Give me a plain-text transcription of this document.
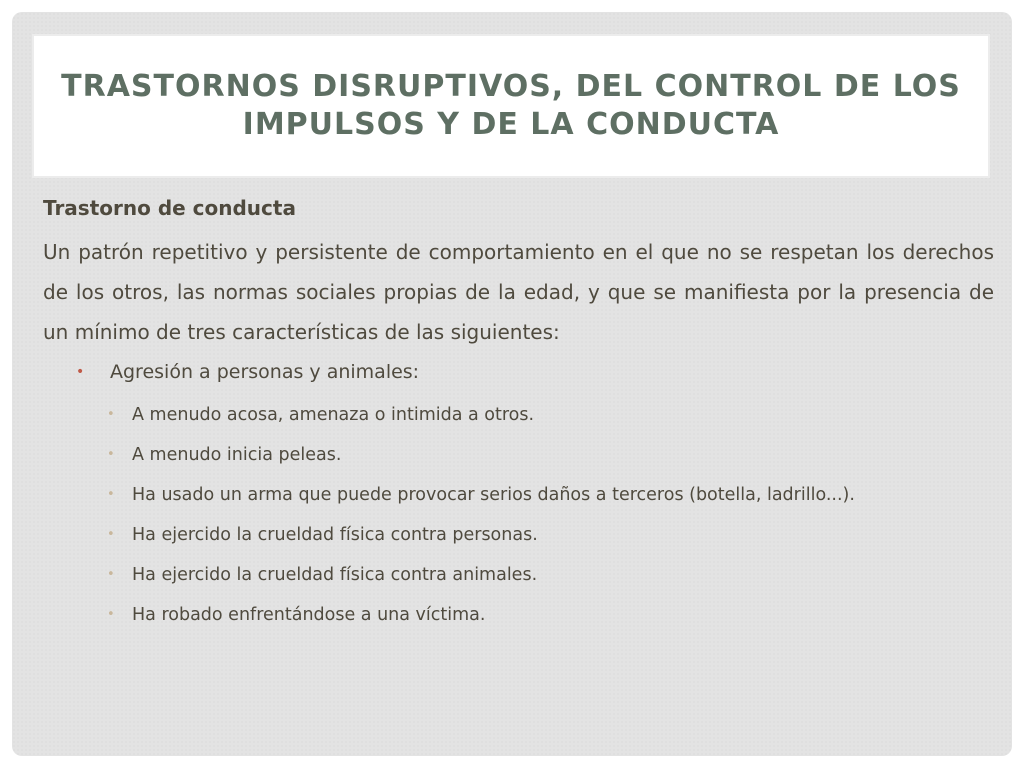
TRASTORNOS DISRUPTIVOS, DEL CONTROL DE LOS IMPULSOS Y DE LA CONDUCTA
Trastorno de conducta

Un patrón repetitivo y persistente de comportamiento en el que no se respetan los derechos de los otros, las normas sociales propias de la edad, y que se manifiesta por la presencia de un mínimo de tres características de las siguientes:

• Agresión a personas y animales:
• A menudo acosa, amenaza o intimida a otros.
• A menudo inicia peleas.
• Ha usado un arma que puede provocar serios daños a terceros (botella, ladrillo...).
• Ha ejercido la crueldad física contra personas.
• Ha ejercido la crueldad física contra animales.
• Ha robado enfrentándose a una víctima.
